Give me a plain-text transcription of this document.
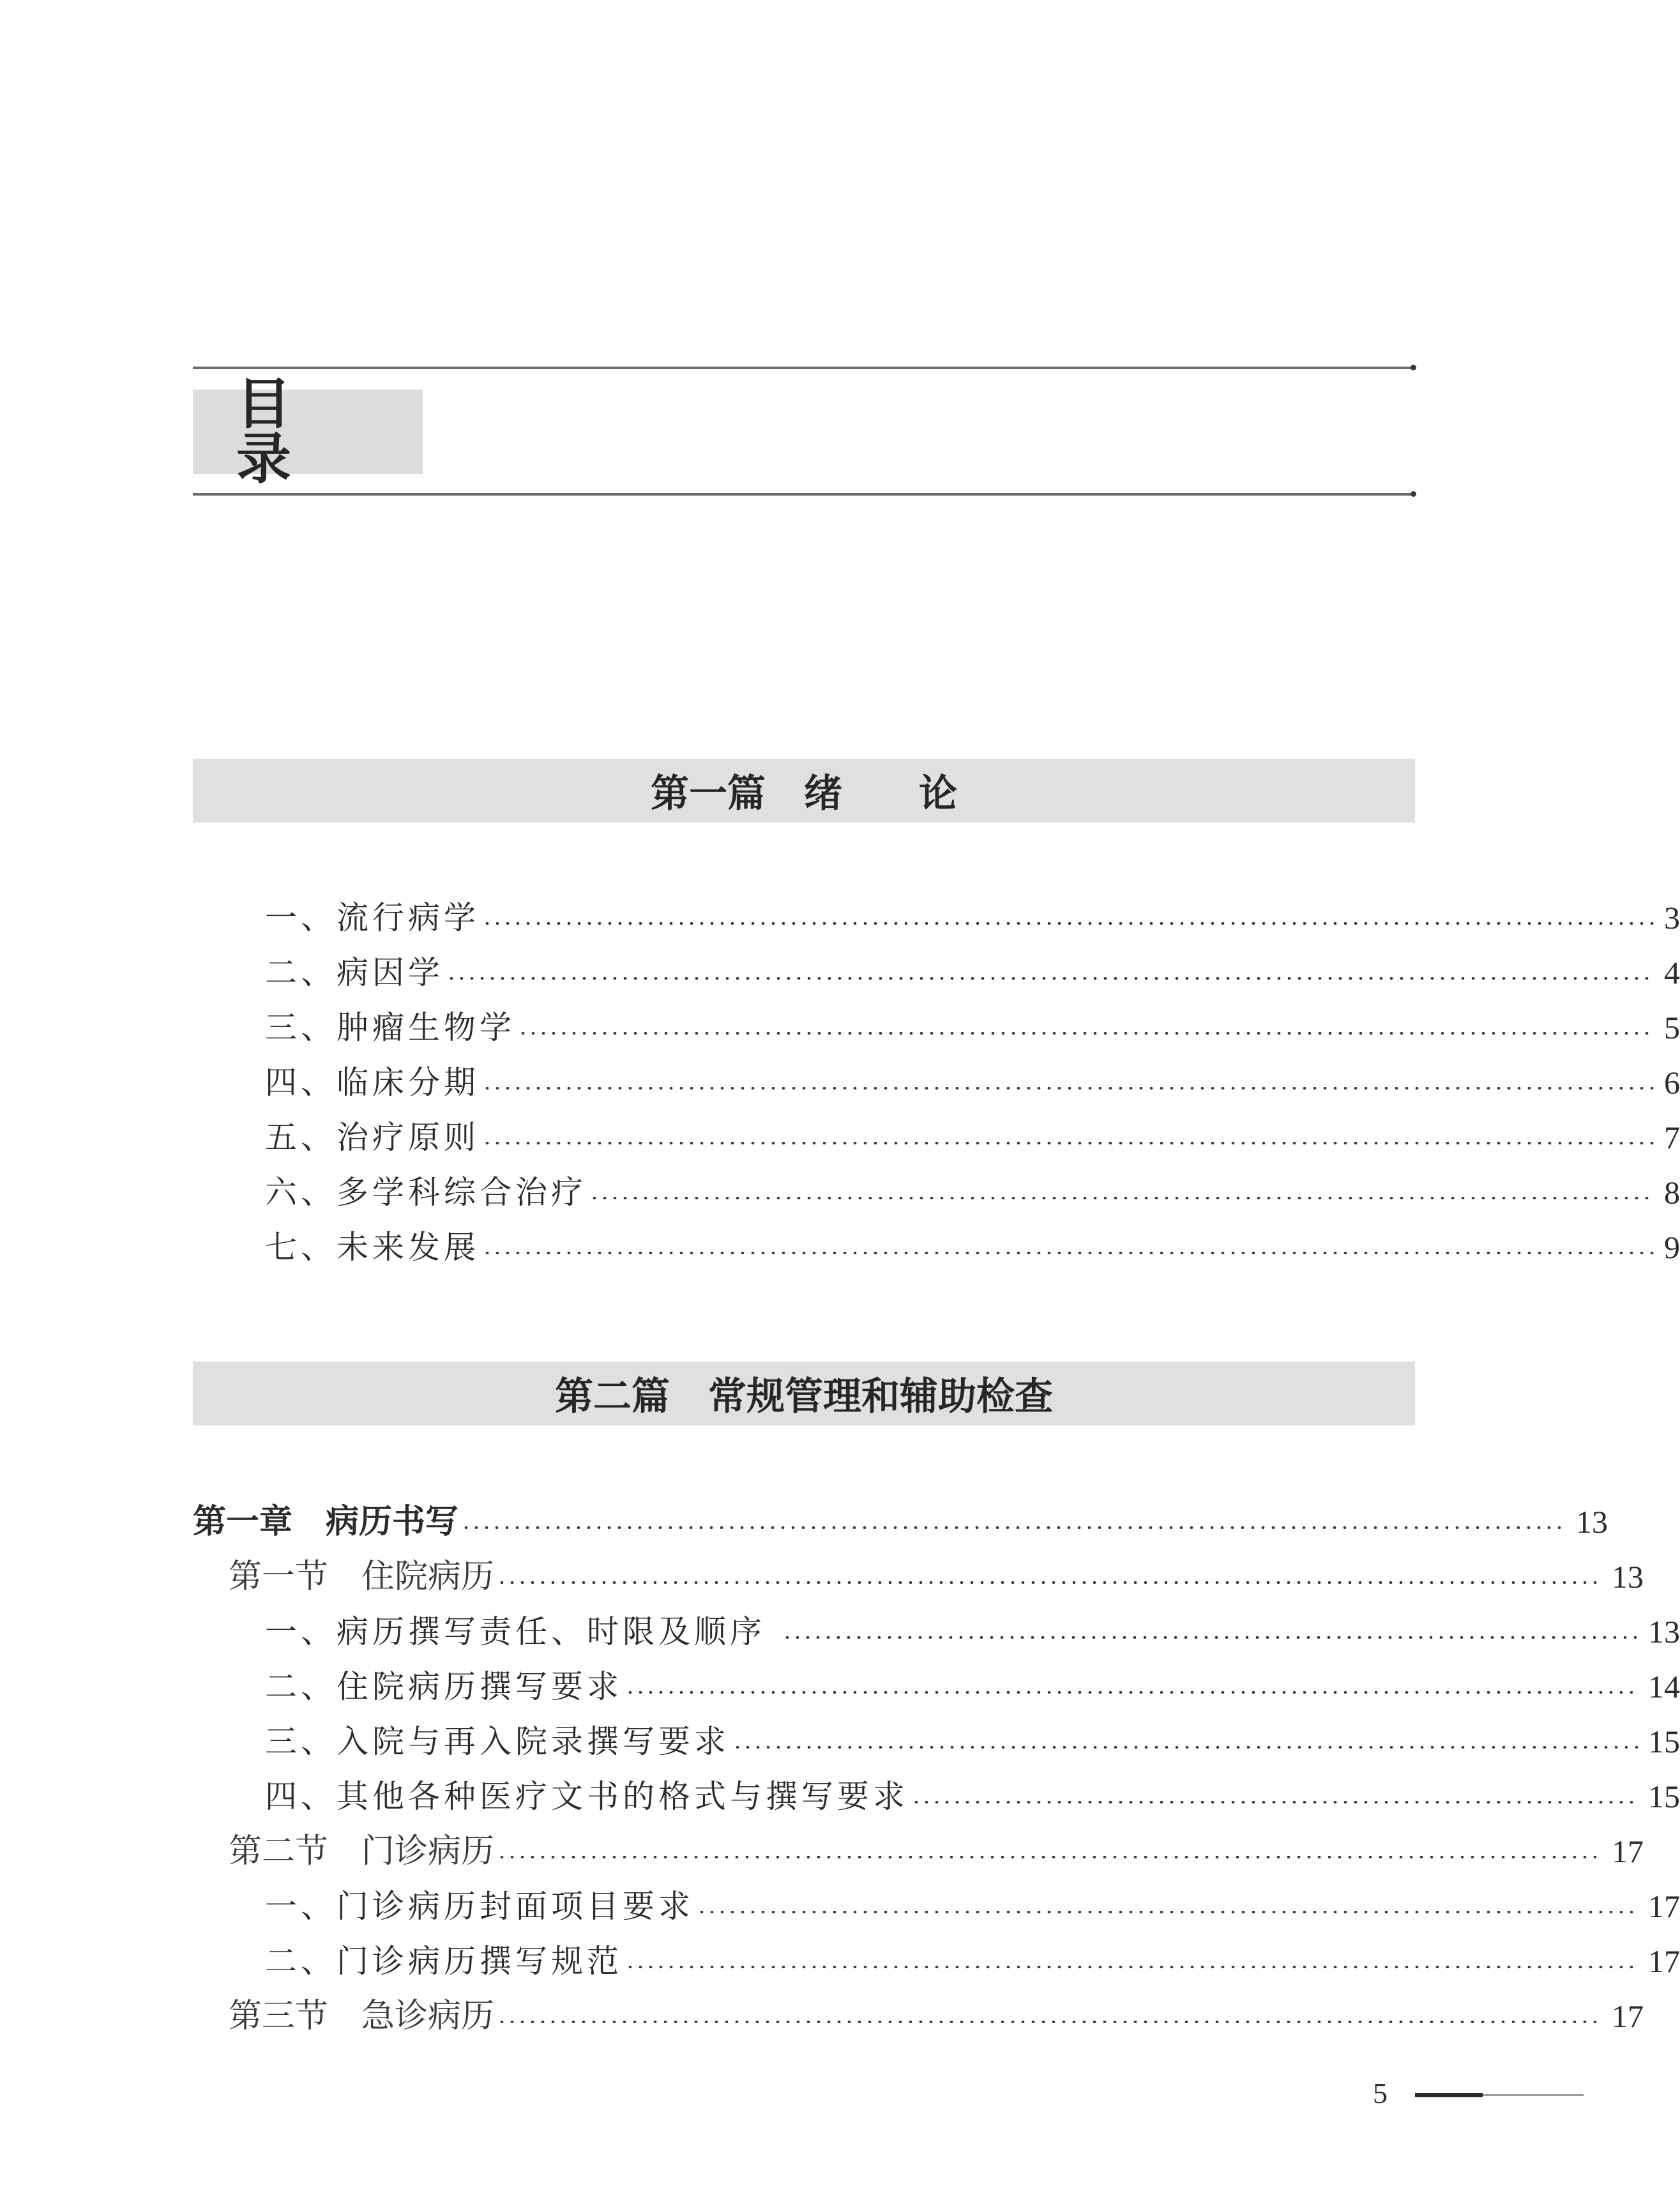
目 录
第一篇　绪　　论
一、流行病学	3
二、病因学	4
三、肿瘤生物学	5
四、临床分期	6
五、治疗原则	7
六、多学科综合治疗	8
七、未来发展	9
第二篇　常规管理和辅助检查
第一章　病历书写	13
第一节　住院病历	13
一、病历撰写责任、时限及顺序	13
二、住院病历撰写要求	14
三、入院与再入院录撰写要求	15
四、其他各种医疗文书的格式与撰写要求	15
第二节　门诊病历	17
一、门诊病历封面项目要求	17
二、门诊病历撰写规范	17
第三节　急诊病历	17
5
